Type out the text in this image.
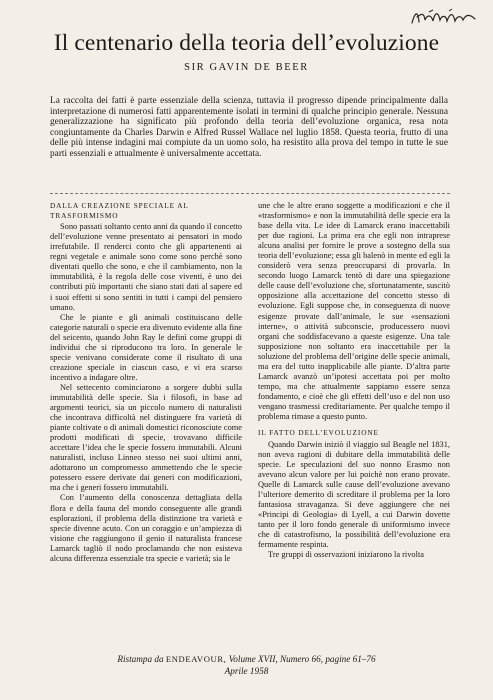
Il centenario della teoria dell’evoluzione
SIR GAVIN DE BEER
La raccolta dei fatti è parte essenziale della scienza, tuttavia il progresso dipende principalmente dalla interpretazione di numerosi fatti apparentemente isolati in termini di qualche principio generale. Nessuna generalizzazione ha significato più profondo della teoria dell’evoluzione organica, resa nota congiuntamente da Charles Darwin e Alfred Russel Wallace nel luglio 1858. Questa teoria, frutto di una delle più intense indagini mai compiute da un uomo solo, ha resistito alla prova del tempo in tutte le sue parti essenziali e attualmente è universalmente accettata.
DALLA CREAZIONE SPECIALE AL TRASFORMISMO

Sono passati soltanto cento anni da quando il concetto dell’evoluzione venne presentato ai pensatori in modo irrefutabile. Il renderci conto che gli appartenenti ai regni vegetale e animale sono come sono perchè sono diventati quello che sono, e che il cambiamento, non la immutabilità, è la regola delle cose viventi, è uno dei contributi più importanti che siano stati dati al sapere ed i suoi effetti si sono sentiti in tutti i campi del pensiero umano.

Che le piante e gli animali costituiscano delle categorie naturali o specie era divenuto evidente alla fine del seicento, quando John Ray le definì come gruppi di individui che si riproducono tra loro. In generale le specie venivano considerate come il risultato di una creazione speciale in ciascun caso, e vi era scarso incentivo a indagare oltre.

Nel settecento cominciarono a sorgere dubbi sulla immutabilità delle specie. Sia i filosofi, in base ad argomenti teorici, sia un piccolo numero di naturalisti che incontrava difficoltà nel distinguere fra varietà di piante coltivate o di animali domestici riconosciute come prodotti modificati di specie, trovavano difficile accettare l’idea che le specie fossero immutabili. Alcuni naturalisti, incluso Linneo stesso nei suoi ultimi anni, adottarono un compromesso ammettendo che le specie potessero essere derivate dai generi con modificazioni, ma che i generi fossero immutabili.

Con l’aumento della conoscenza dettagliata della flora e della fauna del mondo conseguente alle grandi esplorazioni, il problema della distinzione tra varietà e specie divenne acuto. Con un coraggio e un’ampiezza di visione che raggiungono il genio il naturalista francese Lamarck tagliò il nodo proclamando che non esisteva alcuna differenza essenziale tra specie e varietà; sia le

une che le altre erano soggette a modificazioni e che il «trasformismo» e non la immutabilità delle specie era la base della vita. Le idee di Lamarck erano inaccettabili per due ragioni. La prima era che egli non intraprese alcuna analisi per fornire le prove a sostegno della sua teoria dell’evoluzione; essa gli balenò in mente ed egli la considerò vera senza preoccuparsi di provarla. In secondo luogo Lamarck tentò di dare una spiegazione delle cause dell’evoluzione che, sfortunatamente, suscitò opposizione alla accettazione del concetto stesso di evoluzione. Egli suppose che, in conseguenza di nuove esigenze provate dall’animale, le sue «sensazioni interne», o attività subconscie, producessero nuovi organi che soddisfacevano a queste esigenze. Una tale supposizione non soltanto era inaccettabile per la soluzione del problema dell’origine delle specie animali, ma era del tutto inapplicabile alle piante. D’altra parte Lamarck avanzò un’ipotesi accettata poi per molto tempo, ma che attualmente sappiamo essere senza fondamento, e cioè che gli effetti dell’uso e del non uso vengano trasmessi creditariamente. Per qualche tempo il problema rimase a questo punto.

IL FATTO DELL’EVOLUZIONE

Quando Darwin iniziò il viaggio sul Beagle nel 1831, non aveva ragioni di dubitare della immutabilità delle specie. Le speculazioni del suo nonno Erasmo non avevano alcun valore per lui poichè non erano provate. Quelle di Lamarck sulle cause dell’evoluzione avevano l’ulteriore demerito di screditare il problema per la loro fantasiosa stravaganza. Si deve aggiungere che nei «Principi di Geologia» di Lyell, a cui Darwin dovette tanto per il loro fondo generale di uniformismo invece che di catastrofismo, la possibilità dell’evoluzione era fermamente respinta.

Tre gruppi di osservazioni iniziarono la rivolta

Ristampa da ENDEAVOUR, Volume XVII, Numero 66, pagine 61–76
Aprile 1958
